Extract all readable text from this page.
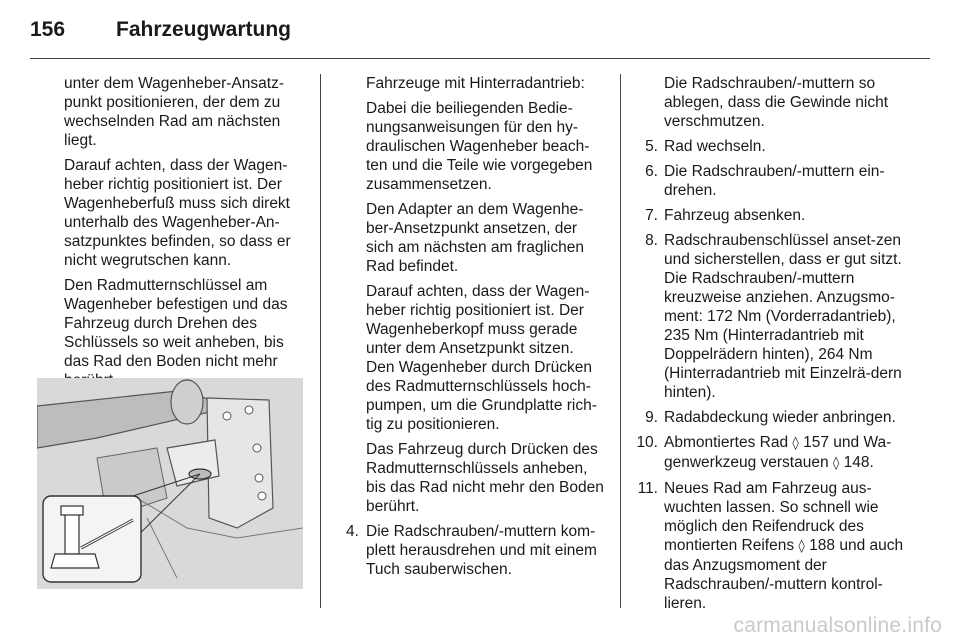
156	Fahrzeugwartung

unter dem Wagenheber-Ansatz-punkt positionieren, der dem zu wechselnden Rad am nächsten liegt.

Darauf achten, dass der Wagen-heber richtig positioniert ist. Der Wagenheberfuß muss sich direkt unterhalb des Wagenheber-An-satzpunktes befinden, so dass er nicht wegrutschen kann.

Den Radmutternschlüssel am Wagenheber befestigen und das Fahrzeug durch Drehen des Schlüssels so weit anheben, bis das Rad den Boden nicht mehr

Fahrzeuge mit Hinterradantrieb:

Dabei die beiliegenden Bedie-nungsanweisungen für den hy-draulischen Wagenheber beach-ten und die Teile wie vorgegeben zusammensetzen.

Den Adapter an dem Wagenhe-ber-Ansetzpunkt ansetzen, der sich am nächsten am fraglichen Rad befindet.

Darauf achten, dass der Wagen-heber richtig positioniert ist. Der Wagenheberkopf muss gerade unter dem Ansetzpunkt sitzen. Den Wagenheber durch Drücken des Radmutternschlüssels hoch-pumpen, um die Grundplatte rich-tig zu positionieren.

Das Fahrzeug durch Drücken des Radmutternschlüssels anheben, bis das Rad nicht mehr den Boden berührt.

4. Die Radschrauben/-muttern kom-plett herausdrehen und mit einem Tuch sauberwischen.
Die Radschrauben/-muttern so ablegen, dass die Gewinde nicht verschmutzen.
5. Rad wechseln.
6. Die Radschrauben/-muttern ein-drehen.
7. Fahrzeug absenken.
8. Radschraubenschlüssel anset-zen und sicherstellen, dass er gut sitzt. Die Radschrauben/-muttern kreuzweise anziehen. Anzugsmo-ment: 172 Nm (Vorderradantrieb), 235 Nm (Hinterradantrieb mit Doppelrädern hinten), 264 Nm (Hinterradantrieb mit Einzelrä-dern hinten).
9. Radabdeckung wieder anbringen.
10. Abmontiertes Rad ◊ 157 und Wa-genwerkzeug verstauen ◊ 148.
11. Neues Rad am Fahrzeug aus-wuchten lassen. So schnell wie möglich den Reifendruck des montierten Reifens ◊ 188 und auch das Anzugsmoment der Radschrauben/-muttern kontrol-lieren.
carmanualsonline.info
